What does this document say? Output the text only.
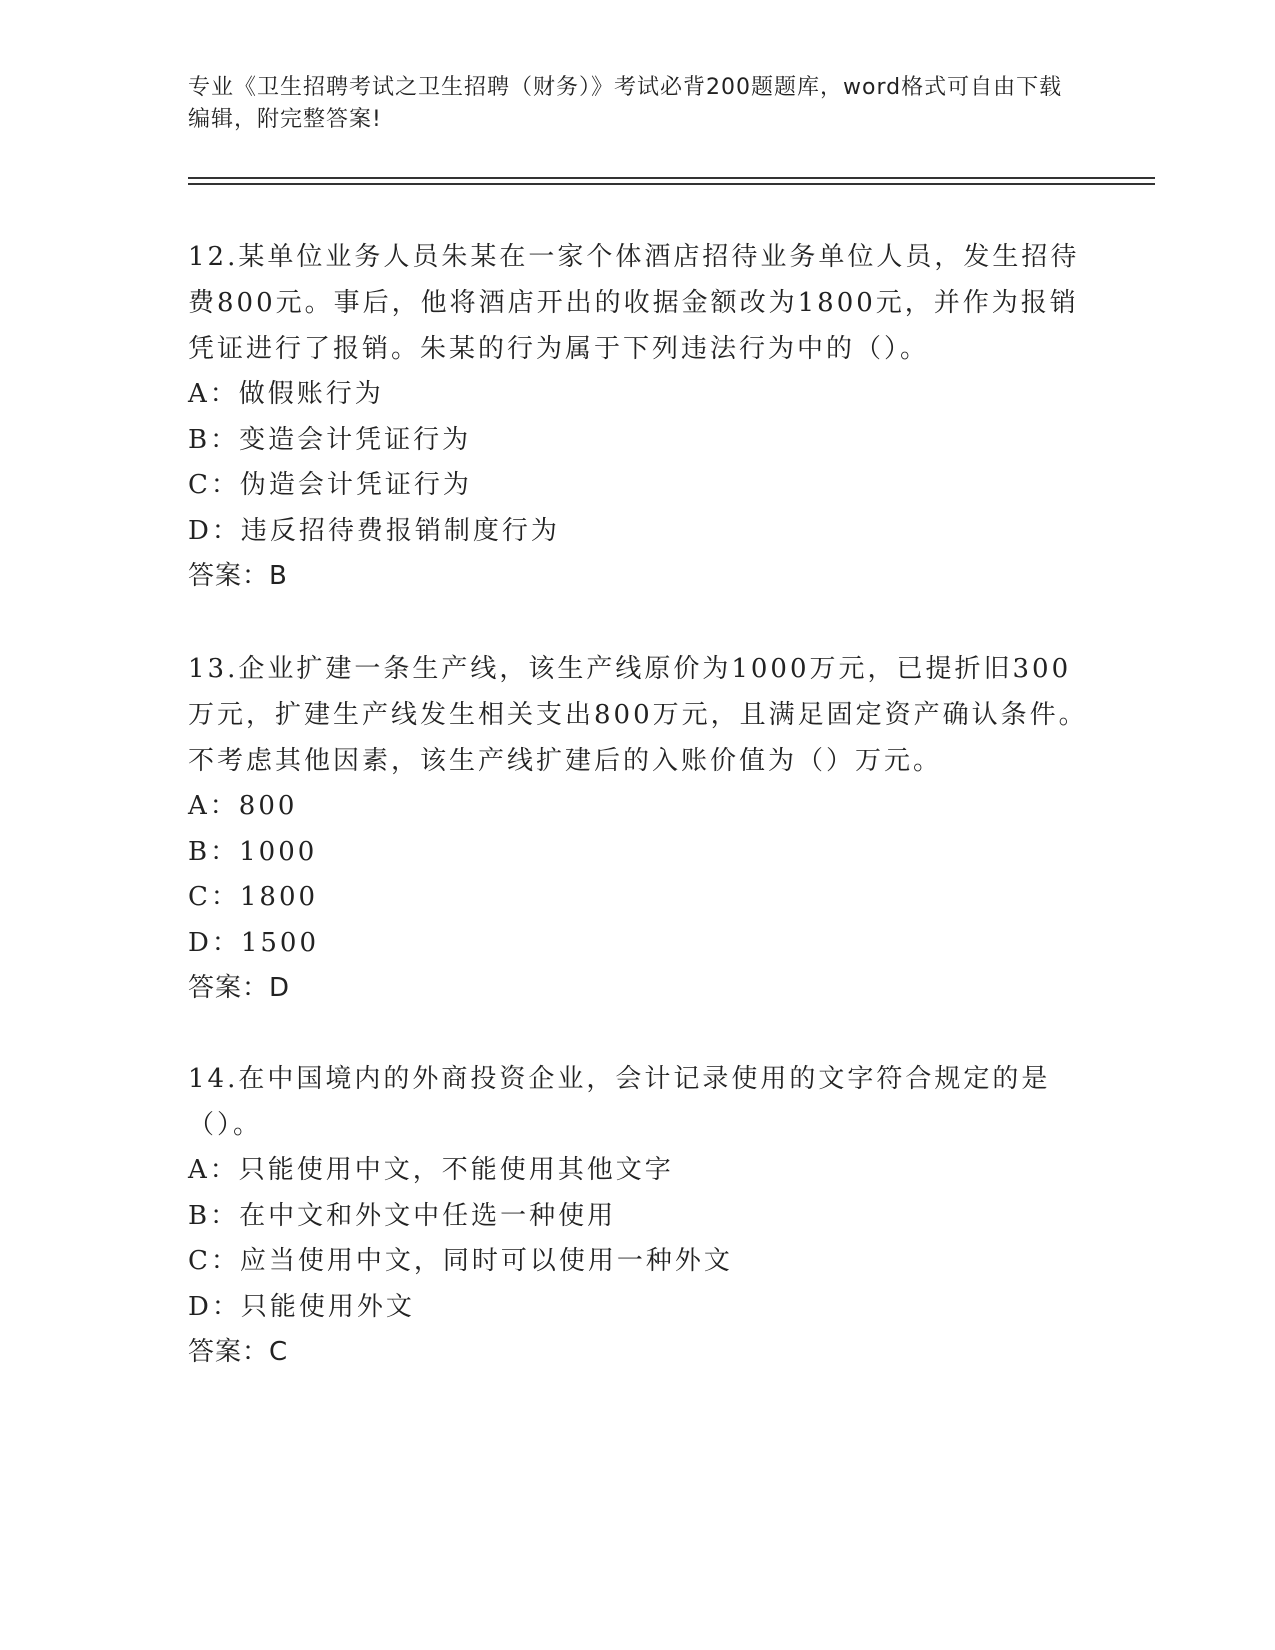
专业《卫生招聘考试之卫生招聘（财务）》考试必背200题题库，word格式可自由下载编辑，附完整答案!

12.某单位业务人员朱某在一家个体酒店招待业务单位人员，发生招待费800元。事后，他将酒店开出的收据金额改为1800元，并作为报销凭证进行了报销。朱某的行为属于下列违法行为中的（）。

A：做假账行为

B：变造会计凭证行为

C：伪造会计凭证行为

D：违反招待费报销制度行为

答案：B

13.企业扩建一条生产线，该生产线原价为1000万元，已提折旧300万元，扩建生产线发生相关支出800万元，且满足固定资产确认条件。不考虑其他因素，该生产线扩建后的入账价值为（）万元。

A：800

B：1000

C：1800

D：1500

答案：D

14.在中国境内的外商投资企业，会计记录使用的文字符合规定的是（）。

A：只能使用中文，不能使用其他文字

B：在中文和外文中任选一种使用

C：应当使用中文，同时可以使用一种外文

D：只能使用外文

答案：C
